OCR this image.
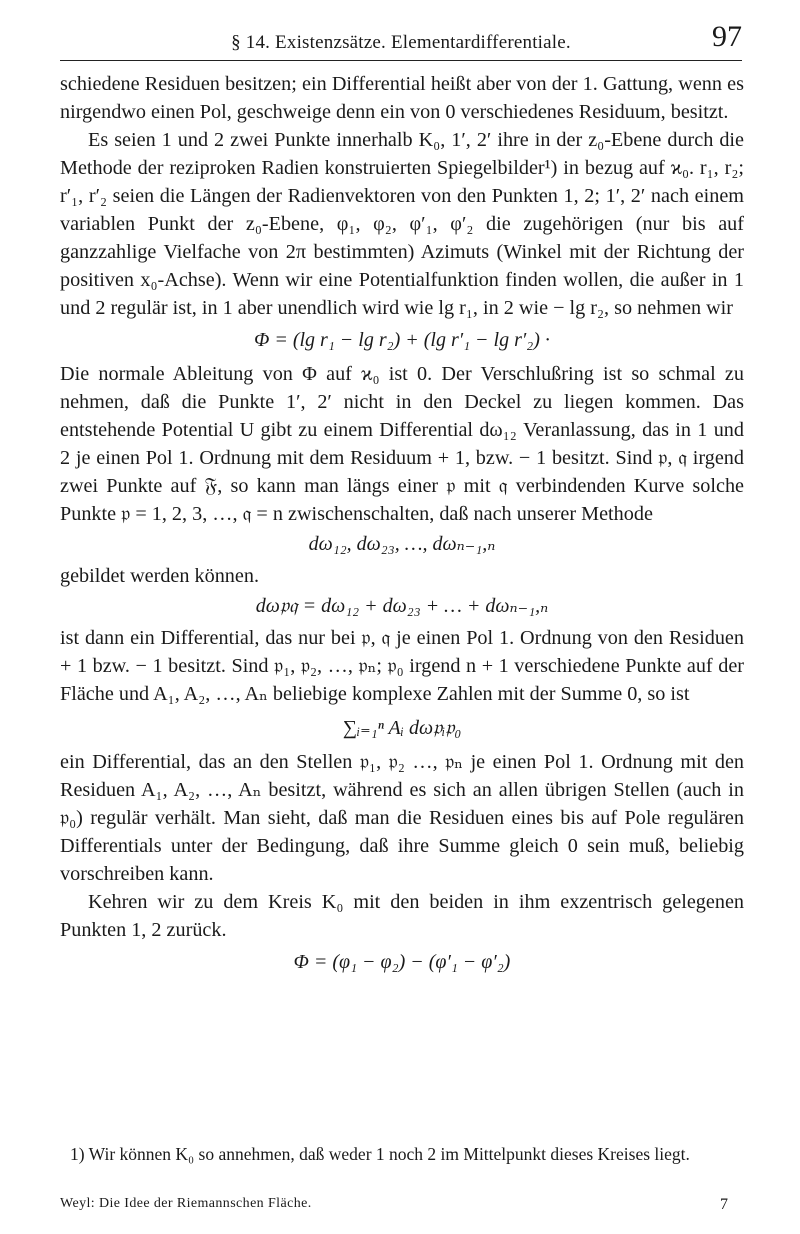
§ 14. Existenzsätze. Elementardifferentiale.	97

schiedene Residuen besitzen; ein Differential heißt aber von der 1. Gattung, wenn es nirgendwo einen Pol, geschweige denn ein von 0 verschiedenes Residuum, besitzt.

Es seien 1 und 2 zwei Punkte innerhalb K₀, 1′, 2′ ihre in der z₀-Ebene durch die Methode der reziproken Radien konstruierten Spiegelbilder¹) in bezug auf ϰ₀. r₁, r₂; r′₁, r′₂ seien die Längen der Radienvektoren von den Punkten 1, 2; 1′, 2′ nach einem variablen Punkt der z₀-Ebene, φ₁, φ₂, φ′₁, φ′₂ die zugehörigen (nur bis auf ganzzahlige Vielfache von 2π bestimmten) Azimuts (Winkel mit der Richtung der positiven x₀-Achse). Wenn wir eine Potentialfunktion finden wollen, die außer in 1 und 2 regulär ist, in 1 aber unendlich wird wie lg r₁, in 2 wie − lg r₂, so nehmen wir

Φ = (lg r₁ − lg r₂) + (lg r′₁ − lg r′₂) ·

Die normale Ableitung von Φ auf ϰ₀ ist 0. Der Verschlußring ist so schmal zu nehmen, daß die Punkte 1′, 2′ nicht in den Deckel zu liegen kommen. Das entstehende Potential U gibt zu einem Differential dω₁₂ Veranlassung, das in 1 und 2 je einen Pol 1. Ordnung mit dem Residuum + 1, bzw. − 1 besitzt. Sind 𝔭, 𝔮 irgend zwei Punkte auf 𝔉, so kann man längs einer 𝔭 mit 𝔮 verbindenden Kurve solche Punkte 𝔭 = 1, 2, 3, …, 𝔮 = n zwischenschalten, daß nach unserer Methode

dω₁₂, dω₂₃, …, dωₙ₋₁,ₙ

gebildet werden können.

dω𝔭𝔮 = dω₁₂ + dω₂₃ + … + dωₙ₋₁,ₙ

ist dann ein Differential, das nur bei 𝔭, 𝔮 je einen Pol 1. Ordnung von den Residuen + 1 bzw. − 1 besitzt. Sind 𝔭₁, 𝔭₂, …, 𝔭ₙ; 𝔭₀ irgend n + 1 verschiedene Punkte auf der Fläche und A₁, A₂, …, Aₙ beliebige komplexe Zahlen mit der Summe 0, so ist

∑ᵢ₌₁ⁿ Aᵢ dω𝔭ᵢ𝔭₀

ein Differential, das an den Stellen 𝔭₁, 𝔭₂ …, 𝔭ₙ je einen Pol 1. Ordnung mit den Residuen A₁, A₂, …, Aₙ besitzt, während es sich an allen übrigen Stellen (auch in 𝔭₀) regulär verhält. Man sieht, daß man die Residuen eines bis auf Pole regulären Differentials unter der Bedingung, daß ihre Summe gleich 0 sein muß, beliebig vorschreiben kann.

Kehren wir zu dem Kreis K₀ mit den beiden in ihm exzentrisch gelegenen Punkten 1, 2 zurück.

Φ = (φ₁ − φ₂) − (φ′₁ − φ′₂)

1) Wir können K₀ so annehmen, daß weder 1 noch 2 im Mittelpunkt dieses Kreises liegt.

Weyl: Die Idee der Riemannschen Fläche.	7
